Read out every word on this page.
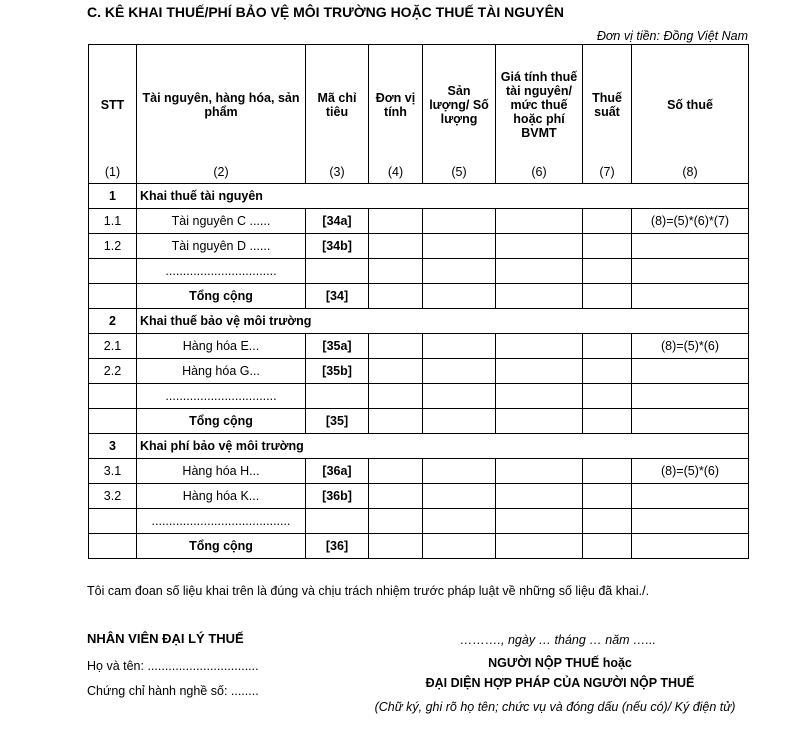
C. KÊ KHAI THUẾ/PHÍ BẢO VỆ MÔI TRƯỜNG HOẶC THUẾ TÀI NGUYÊN
Đơn vị tiền: Đồng Việt Nam
STT	Tài nguyên, hàng hóa, sản phẩm	Mã chỉ tiêu	Đơn vị tính	Sản lượng/ Số lượng	Giá tính thuế tài nguyên/ mức thuế hoặc phí BVMT	Thuế suất	Số thuế
(1)	(2)	(3)	(4)	(5)	(6)	(7)	(8)
1	Khai thuế tài nguyên						
1.1	Tài nguyên C ......	[34a]					(8)=(5)*(6)*(7)
1.2	Tài nguyên D ......	[34b]					
	................................						
	Tổng cộng	[34]					
2	Khai thuế bảo vệ môi trường						
2.1	Hàng hóa E...	[35a]					(8)=(5)*(6)
2.2	Hàng hóa G...	[35b]					
	................................						
	Tổng cộng	[35]					
3	Khai phí bảo vệ môi trường						
3.1	Hàng hóa H...	[36a]					(8)=(5)*(6)
3.2	Hàng hóa K...	[36b]					
	........................................						
	Tổng cộng	[36]					
Tôi cam đoan số liệu khai trên là đúng và chịu trách nhiệm trước pháp luật về những số liệu đã khai./.
NHÂN VIÊN ĐẠI LÝ THUẾ
Họ và tên: ................................
Chứng chỉ hành nghề số: ........
………., ngày … tháng … năm …...
NGƯỜI NỘP THUẾ hoặc
ĐẠI DIỆN HỢP PHÁP CỦA NGƯỜI NỘP THUẾ
(Chữ ký, ghi rõ họ tên; chức vụ và đóng dấu (nếu có)/ Ký điện tử)
